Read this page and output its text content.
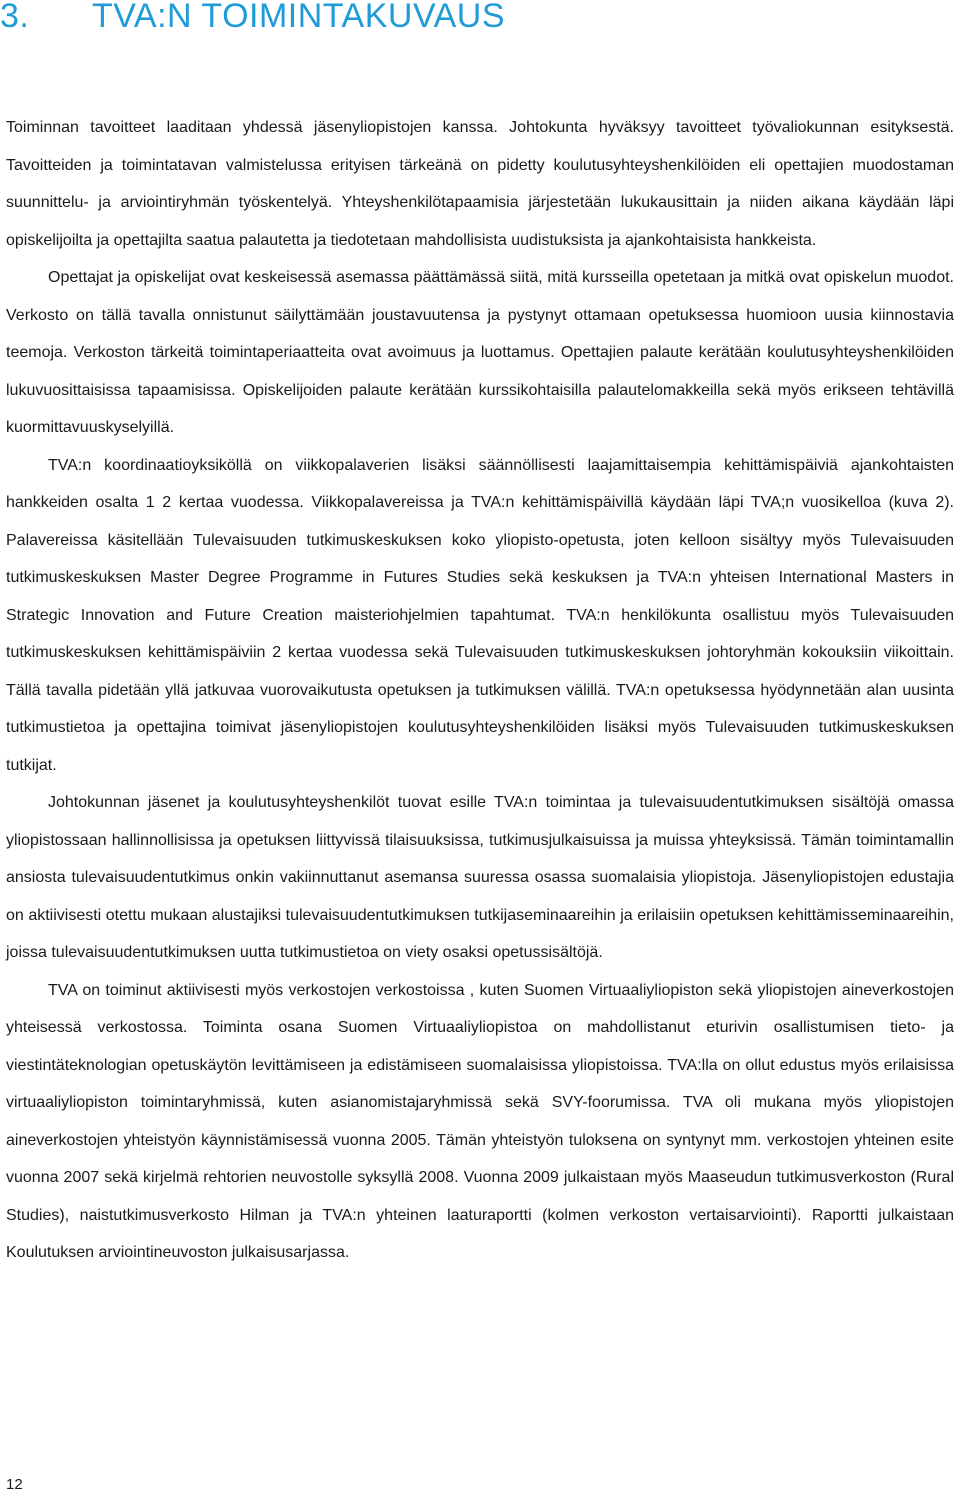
3. TVA:N TOIMINTAKUVAUS

Toiminnan tavoitteet laaditaan yhdessä jäsenyliopistojen kanssa. Johtokunta hyväksyy tavoitteet työvaliokunnan esityksestä. Tavoitteiden ja toimintatavan valmistelussa erityisen tärkeänä on pidetty koulutusyhteyshenkilöiden eli opettajien muodostaman suunnittelu- ja arviointiryhmän työskentelyä. Yhteyshenkilötapaamisia järjestetään lukukausittain ja niiden aikana käydään läpi opiskelijoilta ja opettajilta saatua palautetta ja tiedotetaan mahdollisista uudistuksista ja ajankohtaisista hankkeista.

Opettajat ja opiskelijat ovat keskeisessä asemassa päättämässä siitä, mitä kursseilla opetetaan ja mitkä ovat opiskelun muodot. Verkosto on tällä tavalla onnistunut säilyttämään joustavuutensa ja pystynyt ottamaan opetuksessa huomioon uusia kiinnostavia teemoja. Verkoston tärkeitä toimintaperiaatteita ovat avoimuus ja luottamus. Opettajien palaute kerätään koulutusyhteyshenkilöiden lukuvuosittaisissa tapaamisissa. Opiskelijoiden palaute kerätään kurssikohtaisilla palautelomakkeilla sekä myös erikseen tehtävillä kuormittavuuskyselyillä.

TVA:n koordinaatioyksiköllä on viikkopalaverien lisäksi säännöllisesti laajamittaisempia kehittämispäiviä ajankohtaisten hankkeiden osalta 1 2 kertaa vuodessa. Viikkopalavereissa ja TVA:n kehittämispäivillä käydään läpi TVA;n vuosikelloa (kuva 2). Palavereissa käsitellään Tulevaisuuden tutkimuskeskuksen koko yliopisto-opetusta, joten kelloon sisältyy myös Tulevaisuuden tutkimuskeskuksen Master Degree Programme in Futures Studies sekä keskuksen ja TVA:n yhteisen International Masters in Strategic Innovation and Future Creation maisteriohjelmien tapahtumat. TVA:n henkilökunta osallistuu myös Tulevaisuuden tutkimuskeskuksen kehittämispäiviin 2 kertaa vuodessa sekä Tulevaisuuden tutkimuskeskuksen johtoryhmän kokouksiin viikoittain. Tällä tavalla pidetään yllä jatkuvaa vuorovaikutusta opetuksen ja tutkimuksen välillä. TVA:n opetuksessa hyödynnetään alan uusinta tutkimustietoa ja opettajina toimivat jäsenyliopistojen koulutusyhteyshenkilöiden lisäksi myös Tulevaisuuden tutkimuskeskuksen tutkijat.

Johtokunnan jäsenet ja koulutusyhteyshenkilöt tuovat esille TVA:n toimintaa ja tulevaisuudentutkimuksen sisältöjä omassa yliopistossaan hallinnollisissa ja opetuksen liittyvissä tilaisuuksissa, tutkimusjulkaisuissa ja muissa yhteyksissä. Tämän toimintamallin ansiosta tulevaisuudentutkimus onkin vakiinnuttanut asemansa suuressa osassa suomalaisia yliopistoja. Jäsenyliopistojen edustajia on aktiivisesti otettu mukaan alustajiksi tulevaisuudentutkimuksen tutkijaseminaareihin ja erilaisiin opetuksen kehittämisseminaareihin, joissa tulevaisuudentutkimuksen uutta tutkimustietoa on viety osaksi opetussisältöjä.

TVA on toiminut aktiivisesti myös verkostojen verkostoissa , kuten Suomen Virtuaaliyliopiston sekä yliopistojen aineverkostojen yhteisessä verkostossa. Toiminta osana Suomen Virtuaaliyliopistoa on mahdollistanut eturivin osallistumisen tieto- ja viestintäteknologian opetuskäytön levittämiseen ja edistämiseen suomalaisissa yliopistoissa. TVA:lla on ollut edustus myös erilaisissa virtuaaliyliopiston toimintaryhmissä, kuten asianomistajaryhmissä sekä SVY-foorumissa. TVA oli mukana myös yliopistojen aineverkostojen yhteistyön käynnistämisessä vuonna 2005. Tämän yhteistyön tuloksena on syntynyt mm. verkostojen yhteinen esite vuonna 2007 sekä kirjelmä rehtorien neuvostolle syksyllä 2008. Vuonna 2009 julkaistaan myös Maaseudun tutkimusverkoston (Rural Studies), naistutkimusverkosto Hilman ja TVA:n yhteinen laaturaportti (kolmen verkoston vertaisarviointi). Raportti julkaistaan Koulutuksen arviointineuvoston julkaisusarjassa.

12
